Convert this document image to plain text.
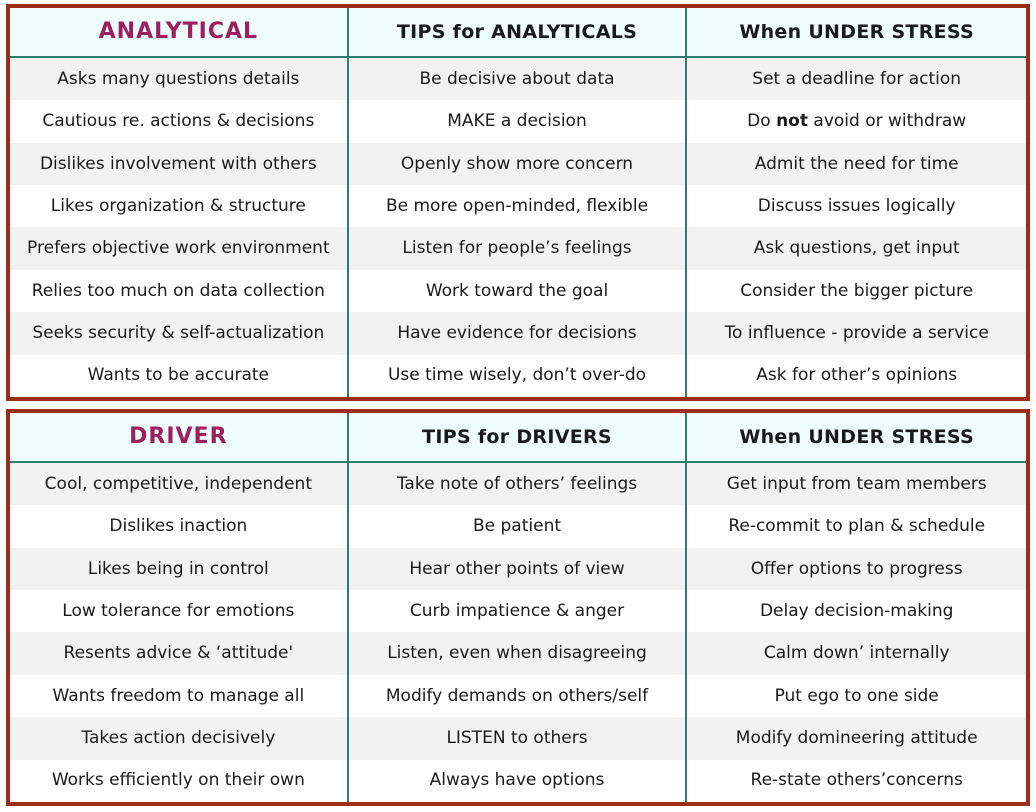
ANALYTICAL	TIPS for ANALYTICALS	When UNDER STRESS
Asks many questions details	Be decisive about data	Set a deadline for action
Cautious re. actions & decisions	MAKE a decision	Do not avoid or withdraw
Dislikes involvement with others	Openly show more concern	Admit the need for time
Likes organization & structure	Be more open-minded, flexible	Discuss issues logically
Prefers objective work environment	Listen for people’s feelings	Ask questions, get input
Relies too much on data collection	Work toward the goal	Consider the bigger picture
Seeks security & self-actualization	Have evidence for decisions	To influence - provide a service
Wants to be accurate	Use time wisely, don’t over-do	Ask for other’s opinions
DRIVER	TIPS for DRIVERS	When UNDER STRESS
Cool, competitive, independent	Take note of others’ feelings	Get input from team members
Dislikes inaction	Be patient	Re-commit to plan & schedule
Likes being in control	Hear other points of view	Offer options to progress
Low tolerance for emotions	Curb impatience & anger	Delay decision-making
Resents advice & ‘attitude'	Listen, even when disagreeing	Calm down’ internally
Wants freedom to manage all	Modify demands on others/self	Put ego to one side
Takes action decisively	LISTEN to others	Modify domineering attitude
Works efficiently on their own	Always have options	Re-state others’concerns
